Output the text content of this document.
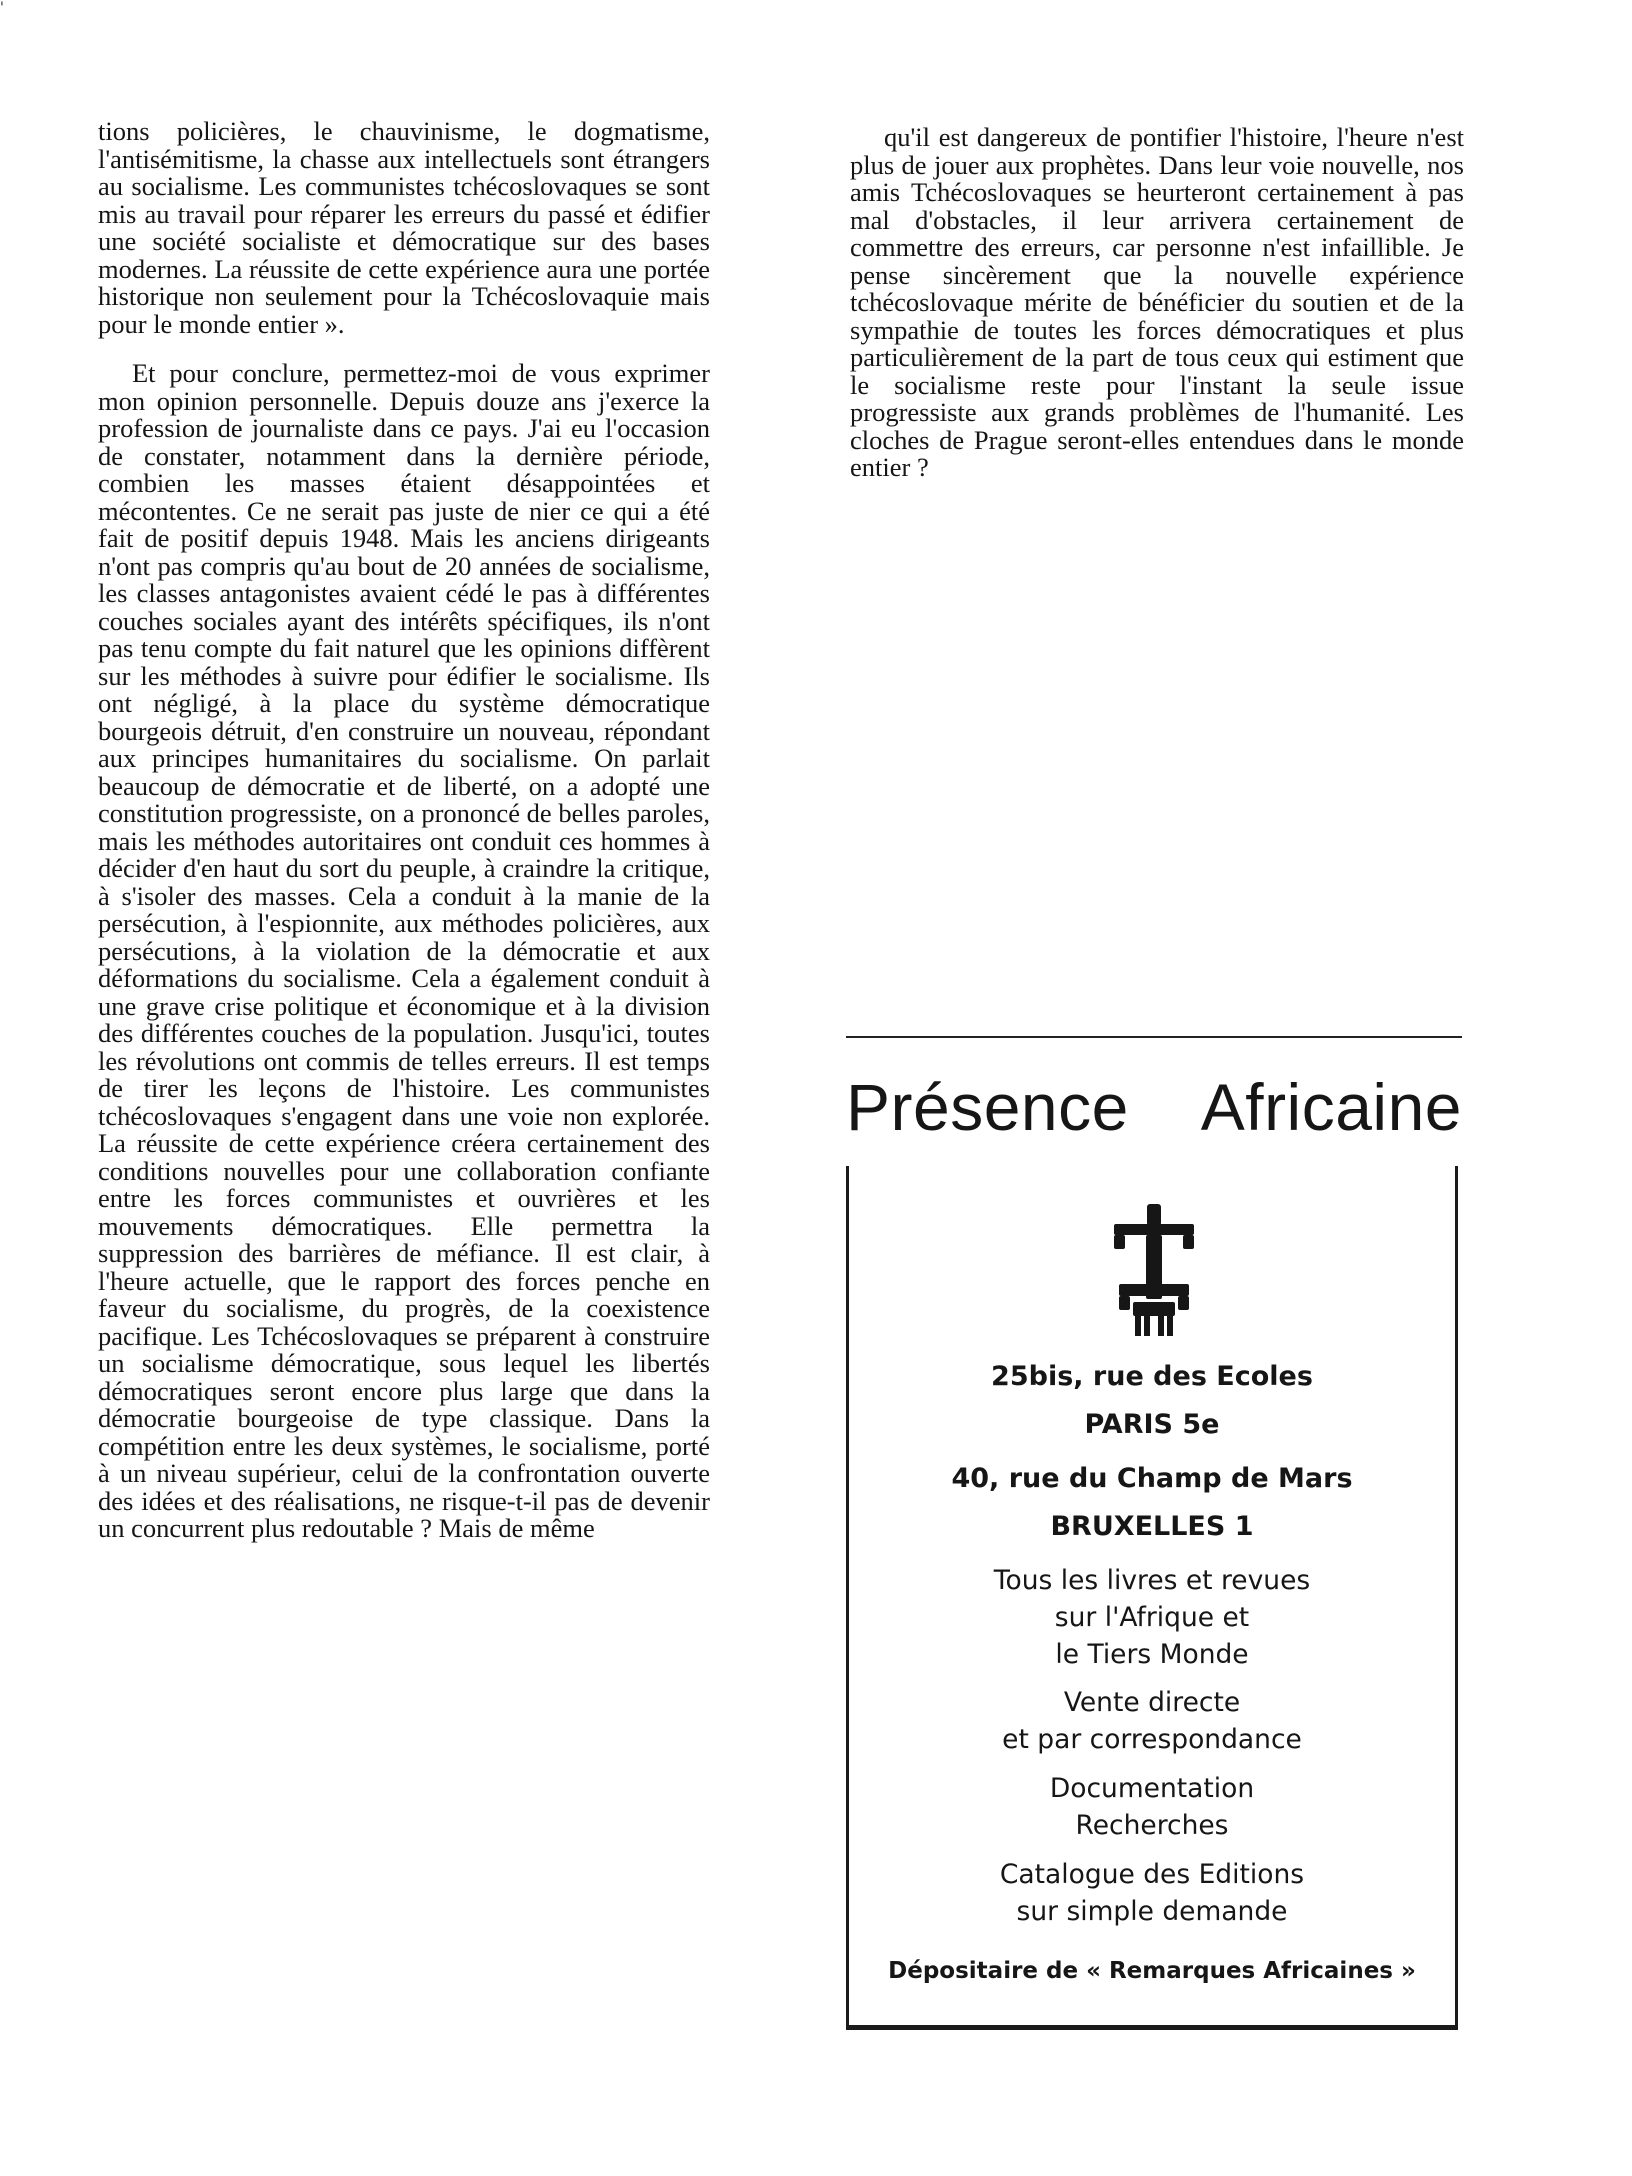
'

tions policières, le chauvinisme, le dogmatisme, l'antisémitisme, la chasse aux intellectuels sont étrangers au socialisme. Les communistes tchécoslovaques se sont mis au travail pour réparer les erreurs du passé et édifier une société socialiste et démocratique sur des bases modernes. La réussite de cette expérience aura une portée historique non seulement pour la Tchécoslovaquie mais pour le monde entier ».

Et pour conclure, permettez-moi de vous exprimer mon opinion personnelle. Depuis douze ans j'exerce la profession de journaliste dans ce pays. J'ai eu l'occasion de constater, notamment dans la dernière période, combien les masses étaient désappointées et mécontentes. Ce ne serait pas juste de nier ce qui a été fait de positif depuis 1948. Mais les anciens dirigeants n'ont pas compris qu'au bout de 20 années de socialisme, les classes antagonistes avaient cédé le pas à différentes couches sociales ayant des intérêts spécifiques, ils n'ont pas tenu compte du fait naturel que les opinions diffèrent sur les méthodes à suivre pour édifier le socialisme. Ils ont négligé, à la place du système démocratique bourgeois détruit, d'en construire un nouveau, répondant aux principes humanitaires du socialisme. On parlait beaucoup de démocratie et de liberté, on a adopté une constitution progressiste, on a prononcé de belles paroles, mais les méthodes autoritaires ont conduit ces hommes à décider d'en haut du sort du peuple, à craindre la critique, à s'isoler des masses. Cela a conduit à la manie de la persécution, à l'espionnite, aux méthodes policières, aux persécutions, à la violation de la démocratie et aux déformations du socialisme. Cela a également conduit à une grave crise politique et économique et à la division des différentes couches de la population. Jusqu'ici, toutes les révolutions ont commis de telles erreurs. Il est temps de tirer les leçons de l'histoire. Les communistes tchécoslovaques s'engagent dans une voie non explorée. La réussite de cette expérience créera certainement des conditions nouvelles pour une collaboration confiante entre les forces communistes et ouvrières et les mouvements démocratiques. Elle permettra la suppression des barrières de méfiance. Il est clair, à l'heure actuelle, que le rapport des forces penche en faveur du socialisme, du progrès, de la coexistence pacifique. Les Tchécoslovaques se préparent à construire un socialisme démocratique, sous lequel les libertés démocratiques seront encore plus large que dans la démocratie bourgeoise de type classique. Dans la compétition entre les deux systèmes, le socialisme, porté à un niveau supérieur, celui de la confrontation ouverte des idées et des réalisations, ne risque-t-il pas de devenir un concurrent plus redoutable ? Mais de même

qu'il est dangereux de pontifier l'histoire, l'heure n'est plus de jouer aux prophètes. Dans leur voie nouvelle, nos amis Tchécoslovaques se heurteront certainement à pas mal d'obstacles, il leur arrivera certainement de commettre des erreurs, car personne n'est infaillible. Je pense sincèrement que la nouvelle expérience tchécoslovaque mérite de bénéficier du soutien et de la sympathie de toutes les forces démocratiques et plus particulièrement de la part de tous ceux qui estiment que le socialisme reste pour l'instant la seule issue progressiste aux grands problèmes de l'humanité. Les cloches de Prague seront-elles entendues dans le monde entier ?

Présence Africaine
25bis, rue des Ecoles
PARIS 5e
40, rue du Champ de Mars
BRUXELLES 1
Tous les livres et revues
sur l'Afrique et
le Tiers Monde
Vente directe
et par correspondance
Documentation
Recherches
Catalogue des Editions
sur simple demande
Dépositaire de « Remarques Africaines »
